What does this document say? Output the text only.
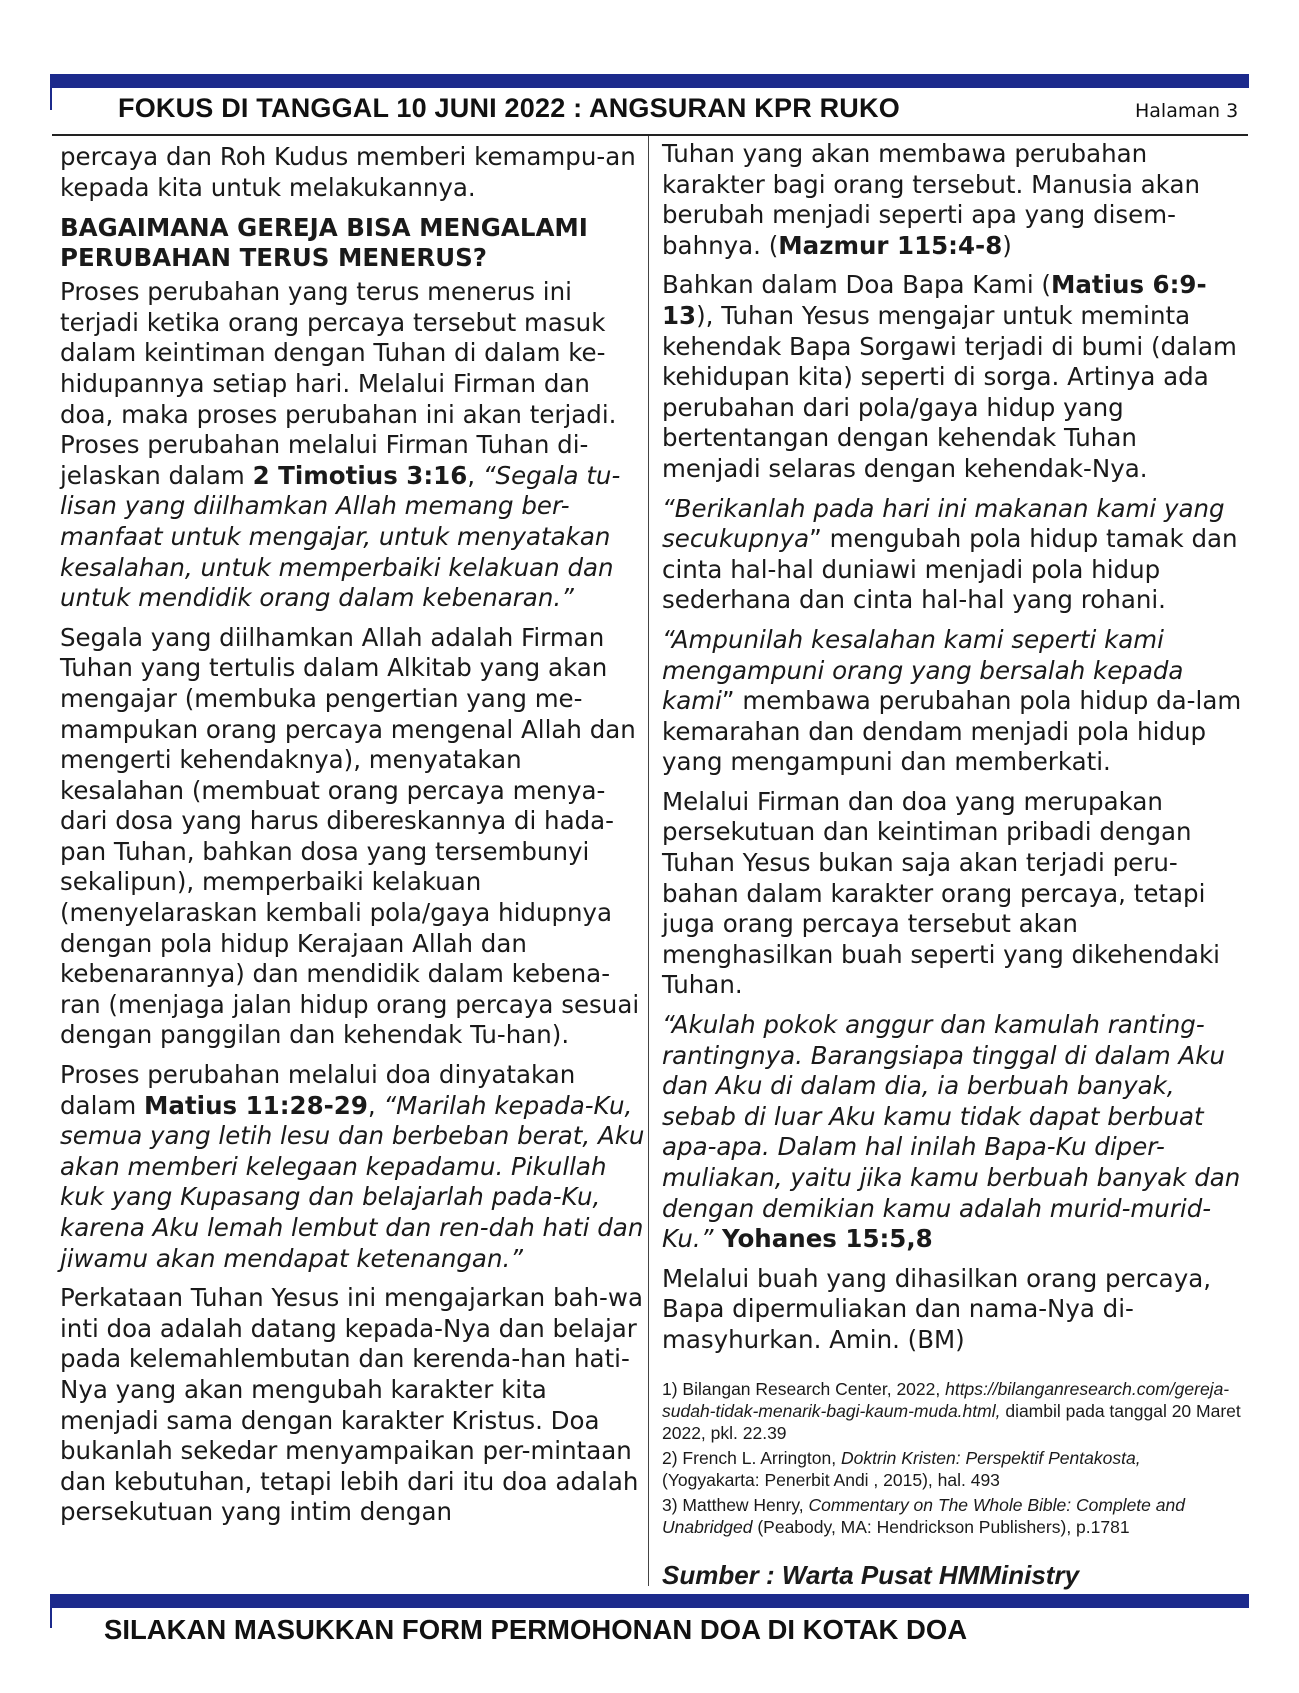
FOKUS DI TANGGAL 10 JUNI 2022 : ANGSURAN KPR RUKO	Halaman 3

percaya dan Roh Kudus memberi kemampu-an kepada kita untuk melakukannya.

BAGAIMANA GEREJA BISA MENGALAMI PERUBAHAN TERUS MENERUS?

Proses perubahan yang terus menerus ini terjadi ketika orang percaya tersebut masuk dalam keintiman dengan Tuhan di dalam ke-hidupannya setiap hari. Melalui Firman dan doa, maka proses perubahan ini akan terjadi. Proses perubahan melalui Firman Tuhan di-jelaskan dalam 2 Timotius 3:16, “Segala tu-lisan yang diilhamkan Allah memang ber-manfaat untuk mengajar, untuk menyatakan kesalahan, untuk memperbaiki kelakuan dan untuk mendidik orang dalam kebenaran.”

Segala yang diilhamkan Allah adalah Firman Tuhan yang tertulis dalam Alkitab yang akan mengajar (membuka pengertian yang me-mampukan orang percaya mengenal Allah dan mengerti kehendaknya), menyatakan kesalahan (membuat orang percaya menya-dari dosa yang harus dibereskannya di hada-pan Tuhan, bahkan dosa yang tersembunyi sekalipun), memperbaiki kelakuan (menyelaraskan kembali pola/gaya hidupnya dengan pola hidup Kerajaan Allah dan kebenarannya) dan mendidik dalam kebena-ran (menjaga jalan hidup orang percaya sesuai dengan panggilan dan kehendak Tu-han).

Proses perubahan melalui doa dinyatakan dalam Matius 11:28-29, “Marilah kepada-Ku, semua yang letih lesu dan berbeban berat, Aku akan memberi kelegaan kepadamu. Pikullah kuk yang Kupasang dan belajarlah pada-Ku, karena Aku lemah lembut dan ren-dah hati dan jiwamu akan mendapat ketenangan.”

Perkataan Tuhan Yesus ini mengajarkan bah-wa inti doa adalah datang kepada-Nya dan belajar pada kelemahlembutan dan kerenda-han hati-Nya yang akan mengubah karakter kita menjadi sama dengan karakter Kristus. Doa bukanlah sekedar menyampaikan per-mintaan dan kebutuhan, tetapi lebih dari itu doa adalah persekutuan yang intim dengan

Tuhan yang akan membawa perubahan karakter bagi orang tersebut. Manusia akan berubah menjadi seperti apa yang disem-bahnya. (Mazmur 115:4-8)

Bahkan dalam Doa Bapa Kami (Matius 6:9-13), Tuhan Yesus mengajar untuk meminta kehendak Bapa Sorgawi terjadi di bumi (dalam kehidupan kita) seperti di sorga. Artinya ada perubahan dari pola/gaya hidup yang bertentangan dengan kehendak Tuhan menjadi selaras dengan kehendak-Nya.

“Berikanlah pada hari ini makanan kami yang secukupnya” mengubah pola hidup tamak dan cinta hal-hal duniawi menjadi pola hidup sederhana dan cinta hal-hal yang rohani.

“Ampunilah kesalahan kami seperti kami mengampuni orang yang bersalah kepada kami” membawa perubahan pola hidup da-lam kemarahan dan dendam menjadi pola hidup yang mengampuni dan memberkati.

Melalui Firman dan doa yang merupakan persekutuan dan keintiman pribadi dengan Tuhan Yesus bukan saja akan terjadi peru-bahan dalam karakter orang percaya, tetapi juga orang percaya tersebut akan menghasilkan buah seperti yang dikehendaki Tuhan.

“Akulah pokok anggur dan kamulah ranting-rantingnya. Barangsiapa tinggal di dalam Aku dan Aku di dalam dia, ia berbuah banyak, sebab di luar Aku kamu tidak dapat berbuat apa-apa. Dalam hal inilah Bapa-Ku diper-muliakan, yaitu jika kamu berbuah banyak dan dengan demikian kamu adalah murid-murid-Ku.” Yohanes 15:5,8

Melalui buah yang dihasilkan orang percaya, Bapa dipermuliakan dan nama-Nya di-masyhurkan. Amin. (BM)

1) Bilangan Research Center, 2022, https://bilanganresearch.com/gereja-sudah-tidak-menarik-bagi-kaum-muda.html, diambil pada tanggal 20 Maret 2022, pkl. 22.39
2) French L. Arrington, Doktrin Kristen: Perspektif Pentakosta, (Yogyakarta: Penerbit Andi , 2015), hal. 493
3) Matthew Henry, Commentary on The Whole Bible: Complete and Unabridged (Peabody, MA: Hendrickson Publishers), p.1781
Sumber : Warta Pusat HMMinistry
SILAKAN MASUKKAN FORM PERMOHONAN DOA DI KOTAK DOA
